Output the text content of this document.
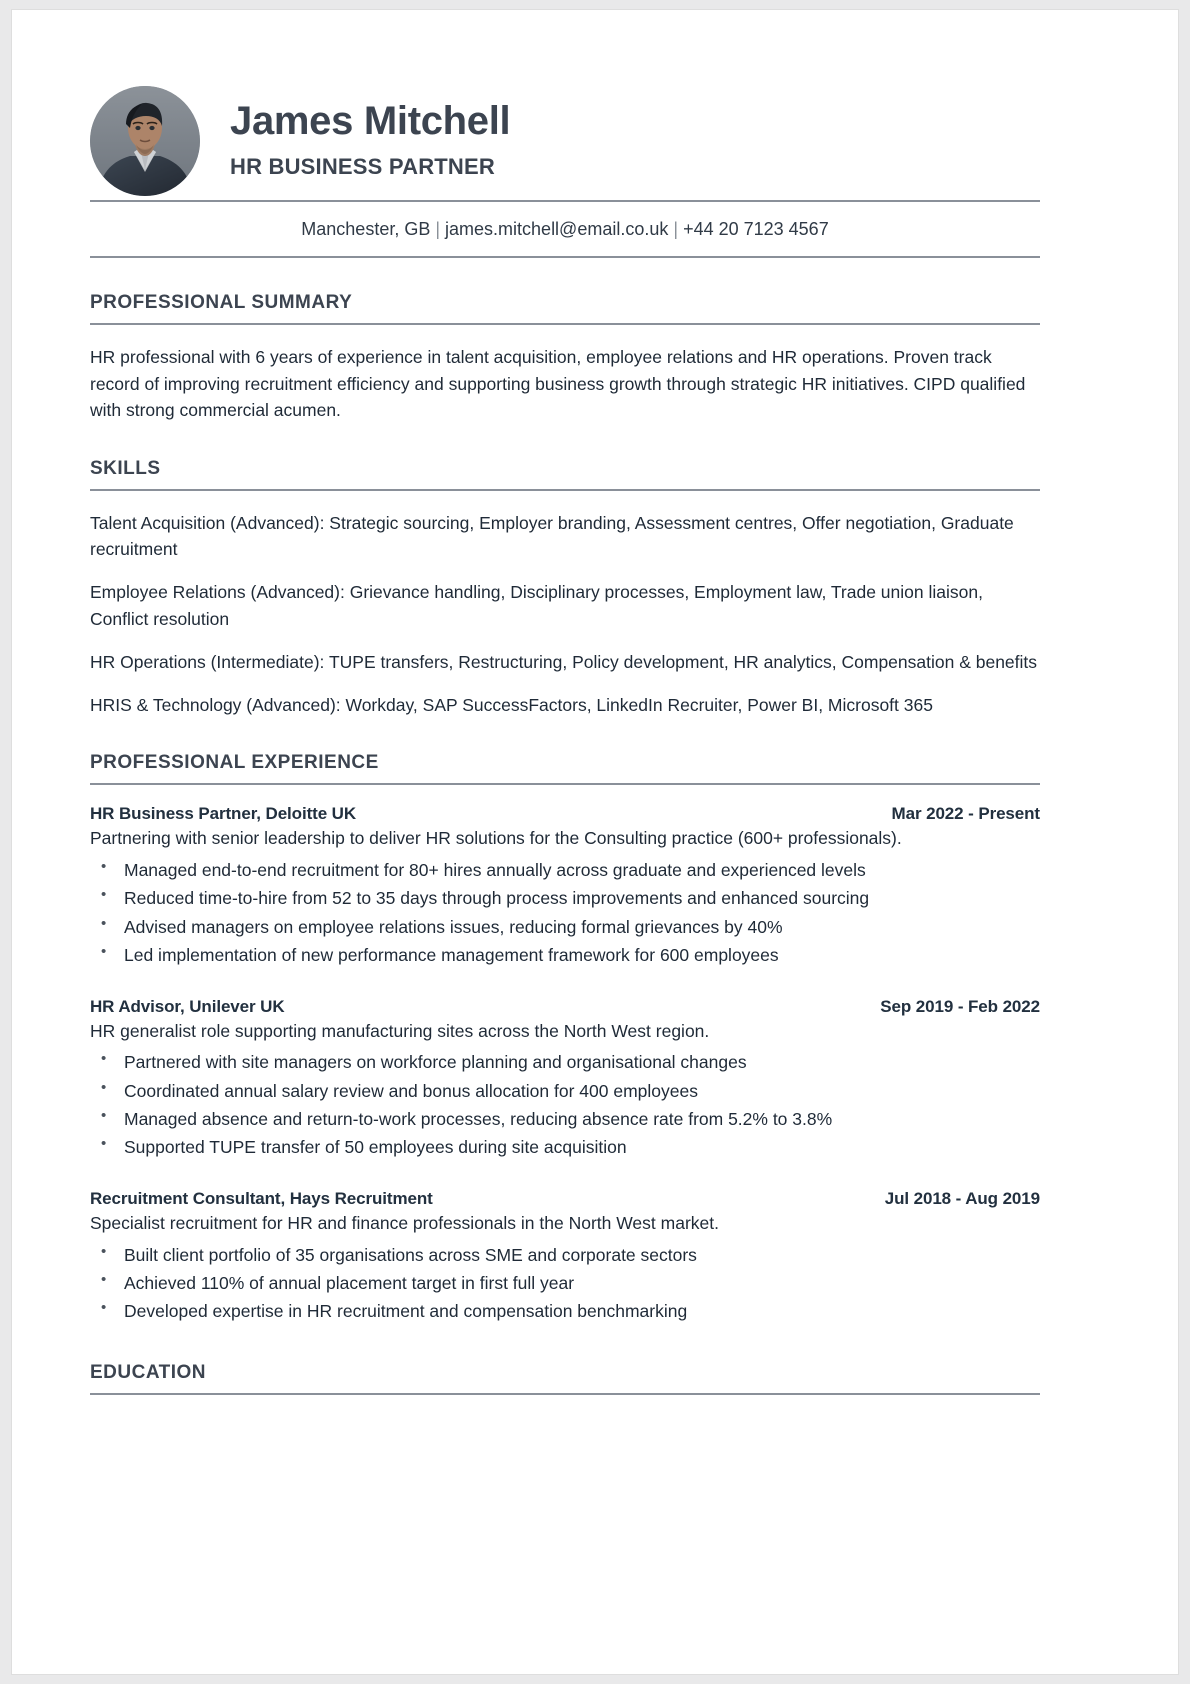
James Mitchell
HR BUSINESS PARTNER
Manchester, GB | james.mitchell@email.co.uk | +44 20 7123 4567
PROFESSIONAL SUMMARY

HR professional with 6 years of experience in talent acquisition, employee relations and HR operations. Proven track record of improving recruitment efficiency and supporting business growth through strategic HR initiatives. CIPD qualified with strong commercial acumen.

SKILLS

Talent Acquisition (Advanced): Strategic sourcing, Employer branding, Assessment centres, Offer negotiation, Graduate recruitment

Employee Relations (Advanced): Grievance handling, Disciplinary processes, Employment law, Trade union liaison, Conflict resolution

HR Operations (Intermediate): TUPE transfers, Restructuring, Policy development, HR analytics, Compensation & benefits

HRIS & Technology (Advanced): Workday, SAP SuccessFactors, LinkedIn Recruiter, Power BI, Microsoft 365

PROFESSIONAL EXPERIENCE
HR Business Partner, Deloitte UK	Mar 2022 - Present

Partnering with senior leadership to deliver HR solutions for the Consulting practice (600+ professionals).

• Managed end-to-end recruitment for 80+ hires annually across graduate and experienced levels
• Reduced time-to-hire from 52 to 35 days through process improvements and enhanced sourcing
• Advised managers on employee relations issues, reducing formal grievances by 40%
• Led implementation of new performance management framework for 600 employees
HR Advisor, Unilever UK	Sep 2019 - Feb 2022

HR generalist role supporting manufacturing sites across the North West region.

• Partnered with site managers on workforce planning and organisational changes
• Coordinated annual salary review and bonus allocation for 400 employees
• Managed absence and return-to-work processes, reducing absence rate from 5.2% to 3.8%
• Supported TUPE transfer of 50 employees during site acquisition
Recruitment Consultant, Hays Recruitment	Jul 2018 - Aug 2019

Specialist recruitment for HR and finance professionals in the North West market.

• Built client portfolio of 35 organisations across SME and corporate sectors
• Achieved 110% of annual placement target in first full year
• Developed expertise in HR recruitment and compensation benchmarking
EDUCATION
